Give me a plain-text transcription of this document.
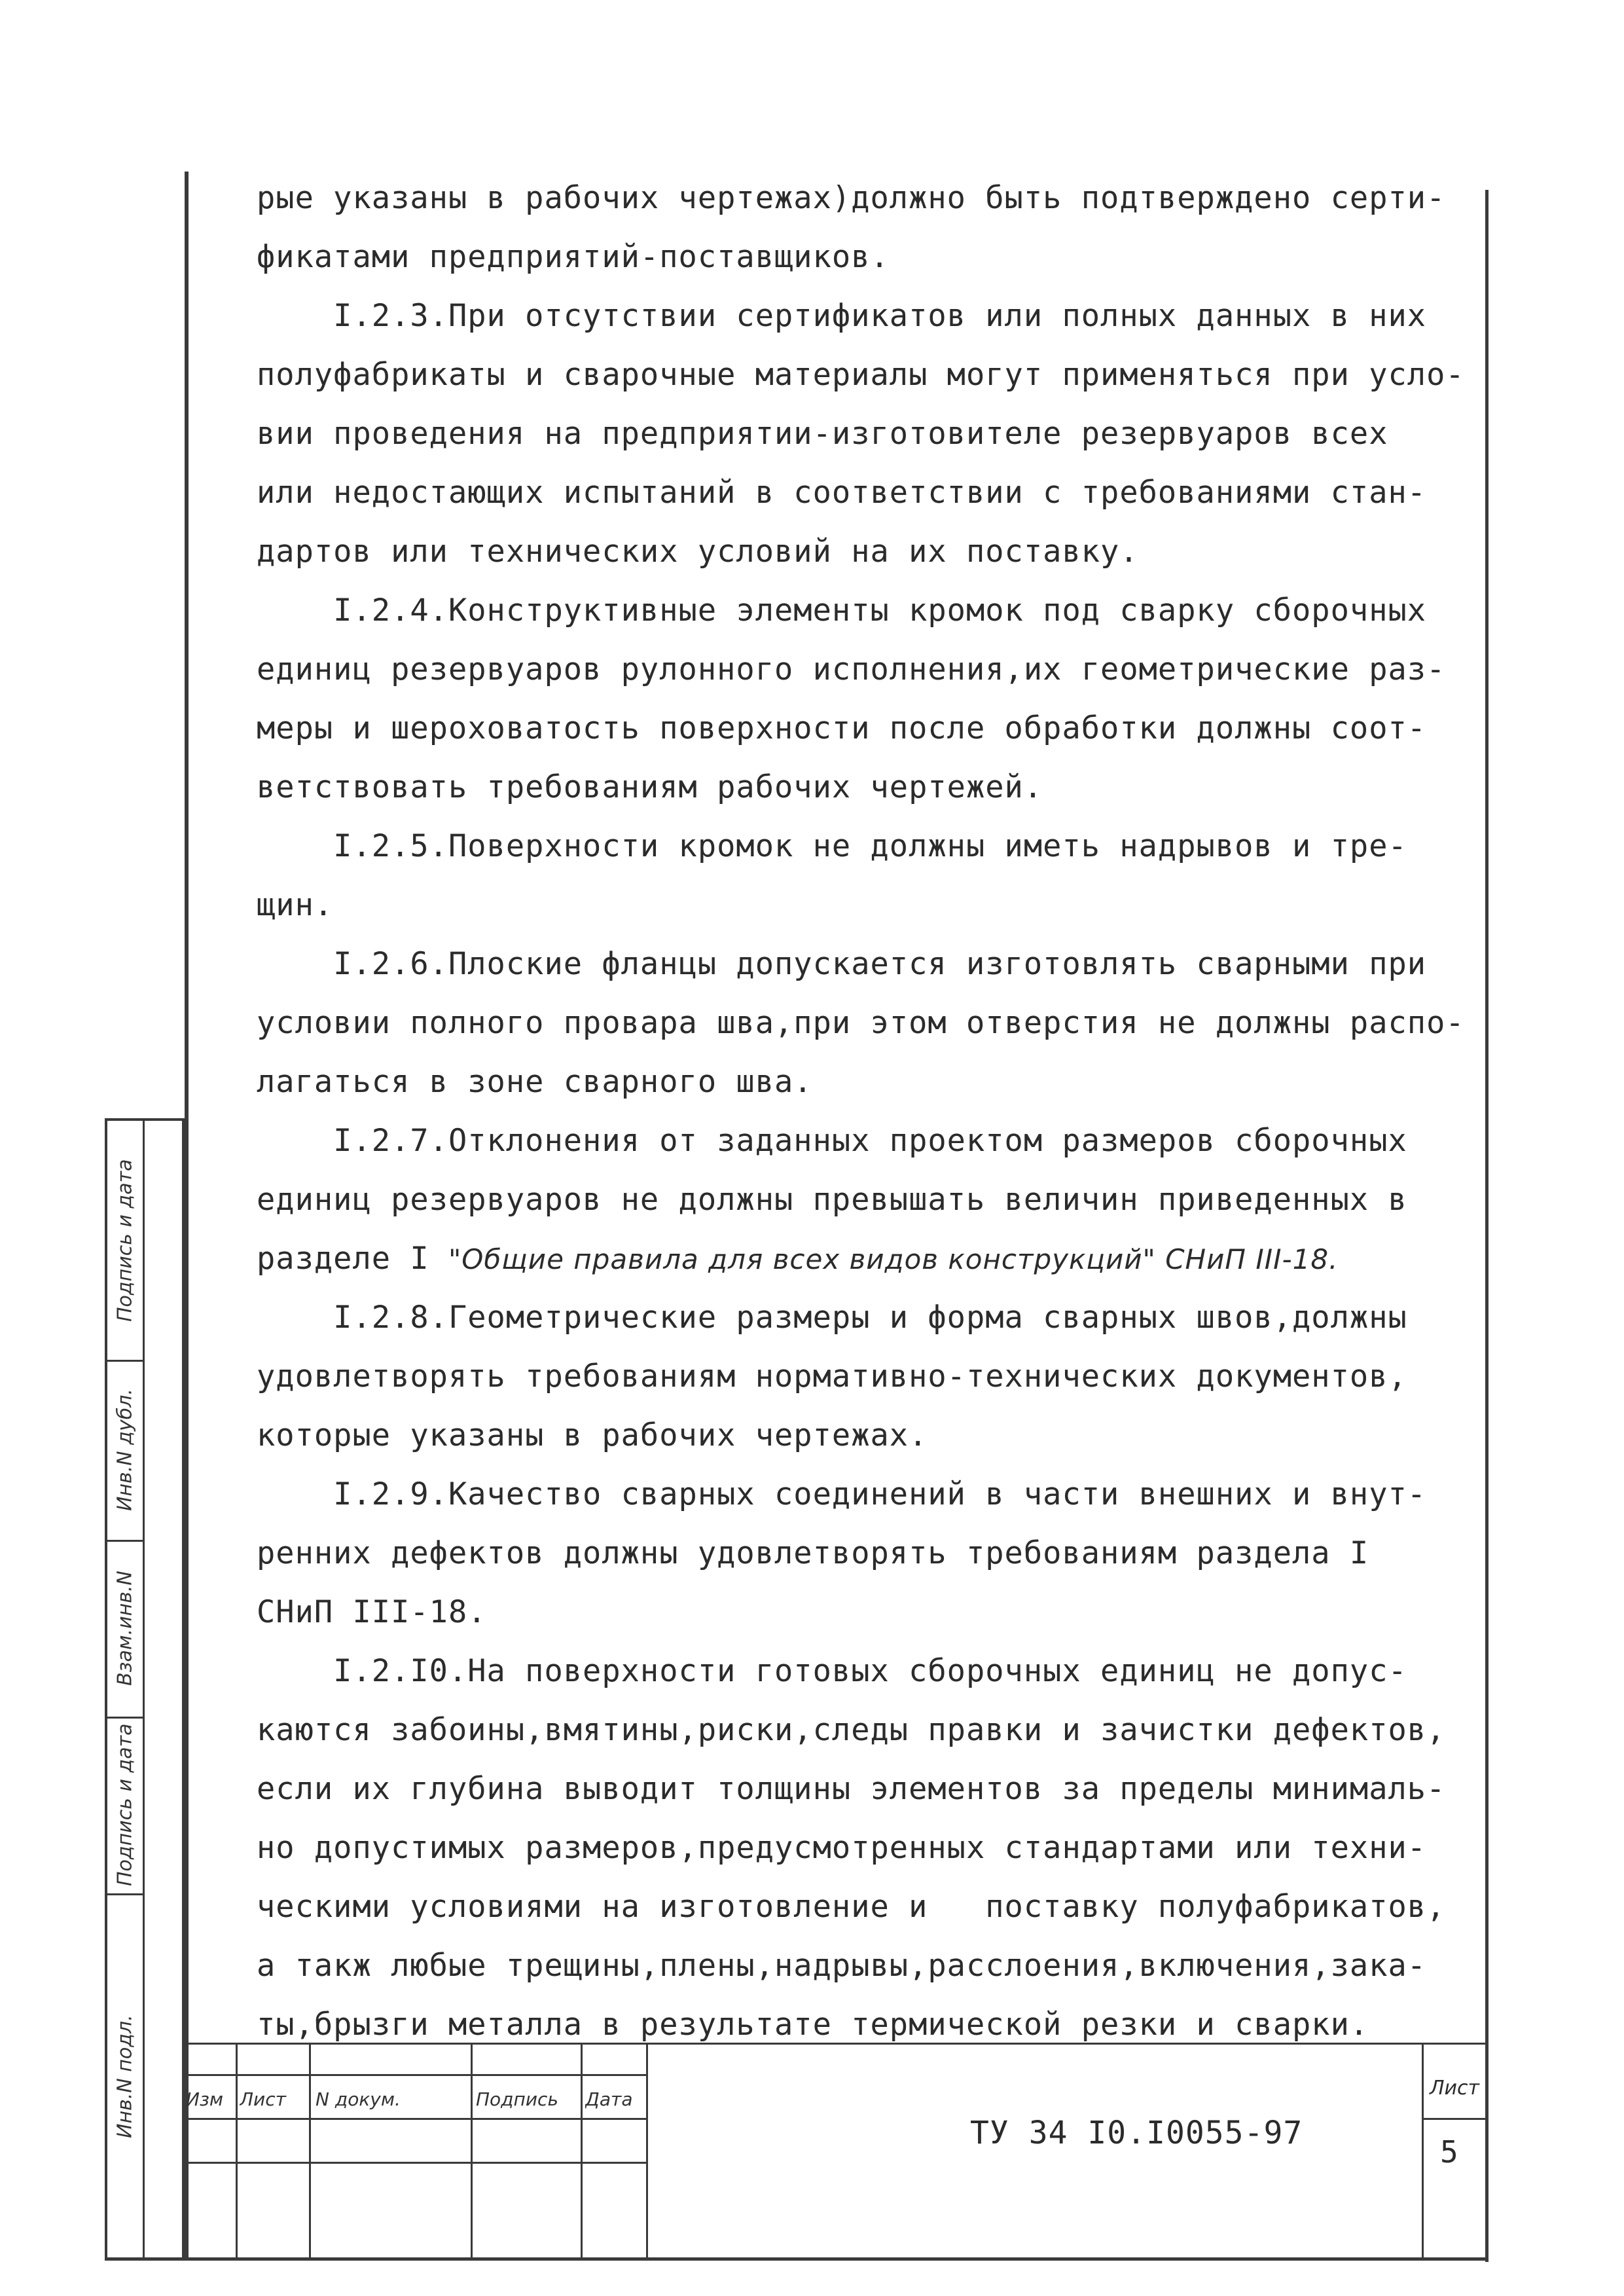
рые указаны в рабочих чертежах)должно быть подтверждено серти-
фикатами предприятий-поставщиков.
I.2.3.При отсутствии сертификатов или полных данных в них
полуфабрикаты и сварочные материалы могут применяться при усло-
вии проведения на предприятии-изготовителе резервуаров всех
или недостающих испытаний в соответствии с требованиями стан-
дартов или технических условий на их поставку.
I.2.4.Конструктивные элементы кромок под сварку сборочных
единиц резервуаров рулонного исполнения,их геометрические раз-
меры и шероховатость поверхности после обработки должны соот-
ветствовать требованиям рабочих чертежей.
I.2.5.Поверхности кромок не должны иметь надрывов и тре-
щин.
I.2.6.Плоские фланцы допускается изготовлять сварными при
условии полного провара шва,при этом отверстия не должны распо-
лагаться в зоне сварного шва.
I.2.7.Отклонения от заданных проектом размеров сборочных
единиц резервуаров не должны превышать величин приведенных в
разделе I "Общие правила для всех видов конструкций" СНиП III-18.
I.2.8.Геометрические размеры и форма сварных швов,должны
удовлетворять требованиям нормативно-технических документов,
которые указаны в рабочих чертежах.
I.2.9.Качество сварных соединений в части внешних и внут-
ренних дефектов должны удовлетворять требованиям раздела I
СНиП III-18.
I.2.I0.На поверхности готовых сборочных единиц не допус-
каются забоины,вмятины,риски,следы правки и зачистки дефектов,
если их глубина выводит толщины элементов за пределы минималь-
но допустимых размеров,предусмотренных стандартами или техни-
ческими условиями на изготовление и   поставку полуфабрикатов,
а такж любые трещины,плены,надрывы,расслоения,включения,зака-
ты,брызги металла в результате термической резки и сварки.
Инв.N подл.
Подпись и дата
Взам.инв.N
Инв.N дубл.
Подпись и дата
Изм Лист	N докум.	Подпись	Дата
ТУ 34 I0.I0055-97
Лист
5
